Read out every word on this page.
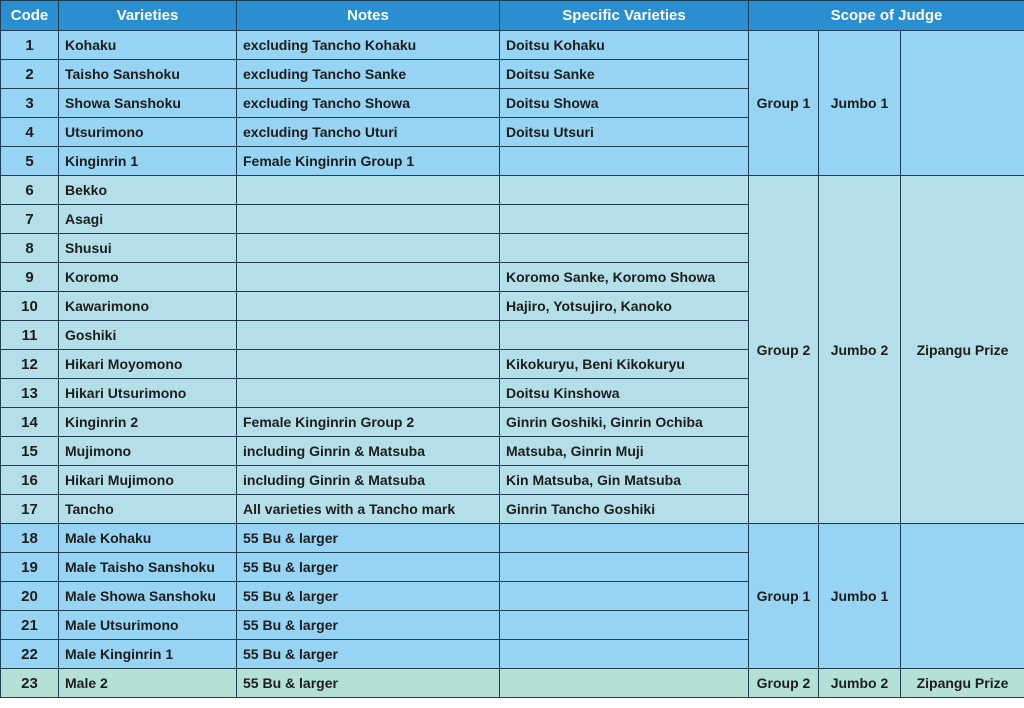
Code	Varieties	Notes	Specific Varieties	Scope of Judge		
1	Kohaku	excluding Tancho Kohaku	Doitsu Kohaku	Group 1	Jumbo 1	
2	Taisho Sanshoku	excluding Tancho Sanke	Doitsu Sanke			
3	Showa Sanshoku	excluding Tancho Showa	Doitsu Showa			
4	Utsurimono	excluding Tancho Uturi	Doitsu Utsuri			
5	Kinginrin 1	Female Kinginrin Group 1				
6	Bekko			Group 2	Jumbo 2	Zipangu Prize
7	Asagi					
8	Shusui					
9	Koromo		Koromo Sanke, Koromo Showa			
10	Kawarimono		Hajiro, Yotsujiro, Kanoko			
11	Goshiki					
12	Hikari Moyomono		Kikokuryu, Beni Kikokuryu			
13	Hikari Utsurimono		Doitsu Kinshowa			
14	Kinginrin 2	Female Kinginrin Group 2	Ginrin Goshiki, Ginrin Ochiba			
15	Mujimono	including Ginrin & Matsuba	Matsuba, Ginrin Muji			
16	Hikari Mujimono	including Ginrin & Matsuba	Kin Matsuba, Gin Matsuba			
17	Tancho	All varieties with a Tancho mark	Ginrin Tancho Goshiki			
18	Male Kohaku	55 Bu & larger		Group 1	Jumbo 1	
19	Male Taisho Sanshoku	55 Bu & larger				
20	Male Showa Sanshoku	55 Bu & larger				
21	Male Utsurimono	55 Bu & larger				
22	Male Kinginrin 1	55 Bu & larger				
23	Male 2	55 Bu & larger		Group 2	Jumbo 2	Zipangu Prize
